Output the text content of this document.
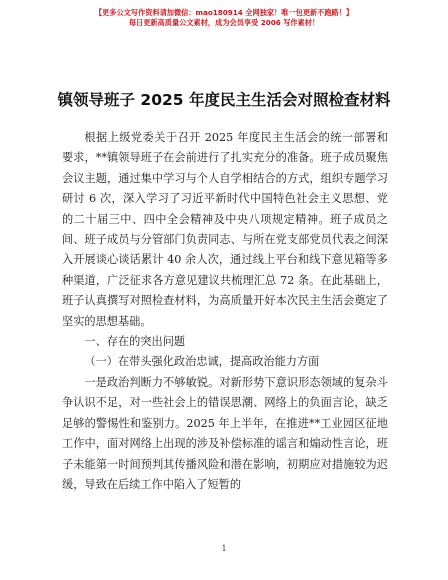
【更多公文写作资料请加微信：mao180914 全网独家！唯一包更新不跑路！】
每日更新高质量公文素材，成为会员享受 2006 写作素材！
镇领导班子 2025 年度民主生活会对照检查材料

根据上级党委关于召开 2025 年度民主生活会的统一部署和要求，**镇领导班子在会前进行了扎实充分的准备。班子成员聚焦会议主题，通过集中学习与个人自学相结合的方式，组织专题学习研讨 6 次，深入学习了习近平新时代中国特色社会主义思想、党的二十届三中、四中全会精神及中央八项规定精神。班子成员之间、班子成员与分管部门负责同志、与所在党支部党员代表之间深入开展谈心谈话累计 40 余人次，通过线上平台和线下意见箱等多种渠道，广泛征求各方意见建议共梳理汇总 72 条。在此基础上，班子认真撰写对照检查材料，为高质量开好本次民主生活会奠定了坚实的思想基础。

一、存在的突出问题

（一）在带头强化政治忠诚，提高政治能力方面

一是政治判断力不够敏锐。对新形势下意识形态领域的复杂斗争认识不足，对一些社会上的错误思潮、网络上的负面言论，缺乏足够的警惕性和鉴别力。2025 年上半年，在推进**工业园区征地工作中，面对网络上出现的涉及补偿标准的谣言和煽动性言论，班子未能第一时间预判其传播风险和潜在影响，初期应对措施较为迟缓，导致在后续工作中陷入了短暂的

1
